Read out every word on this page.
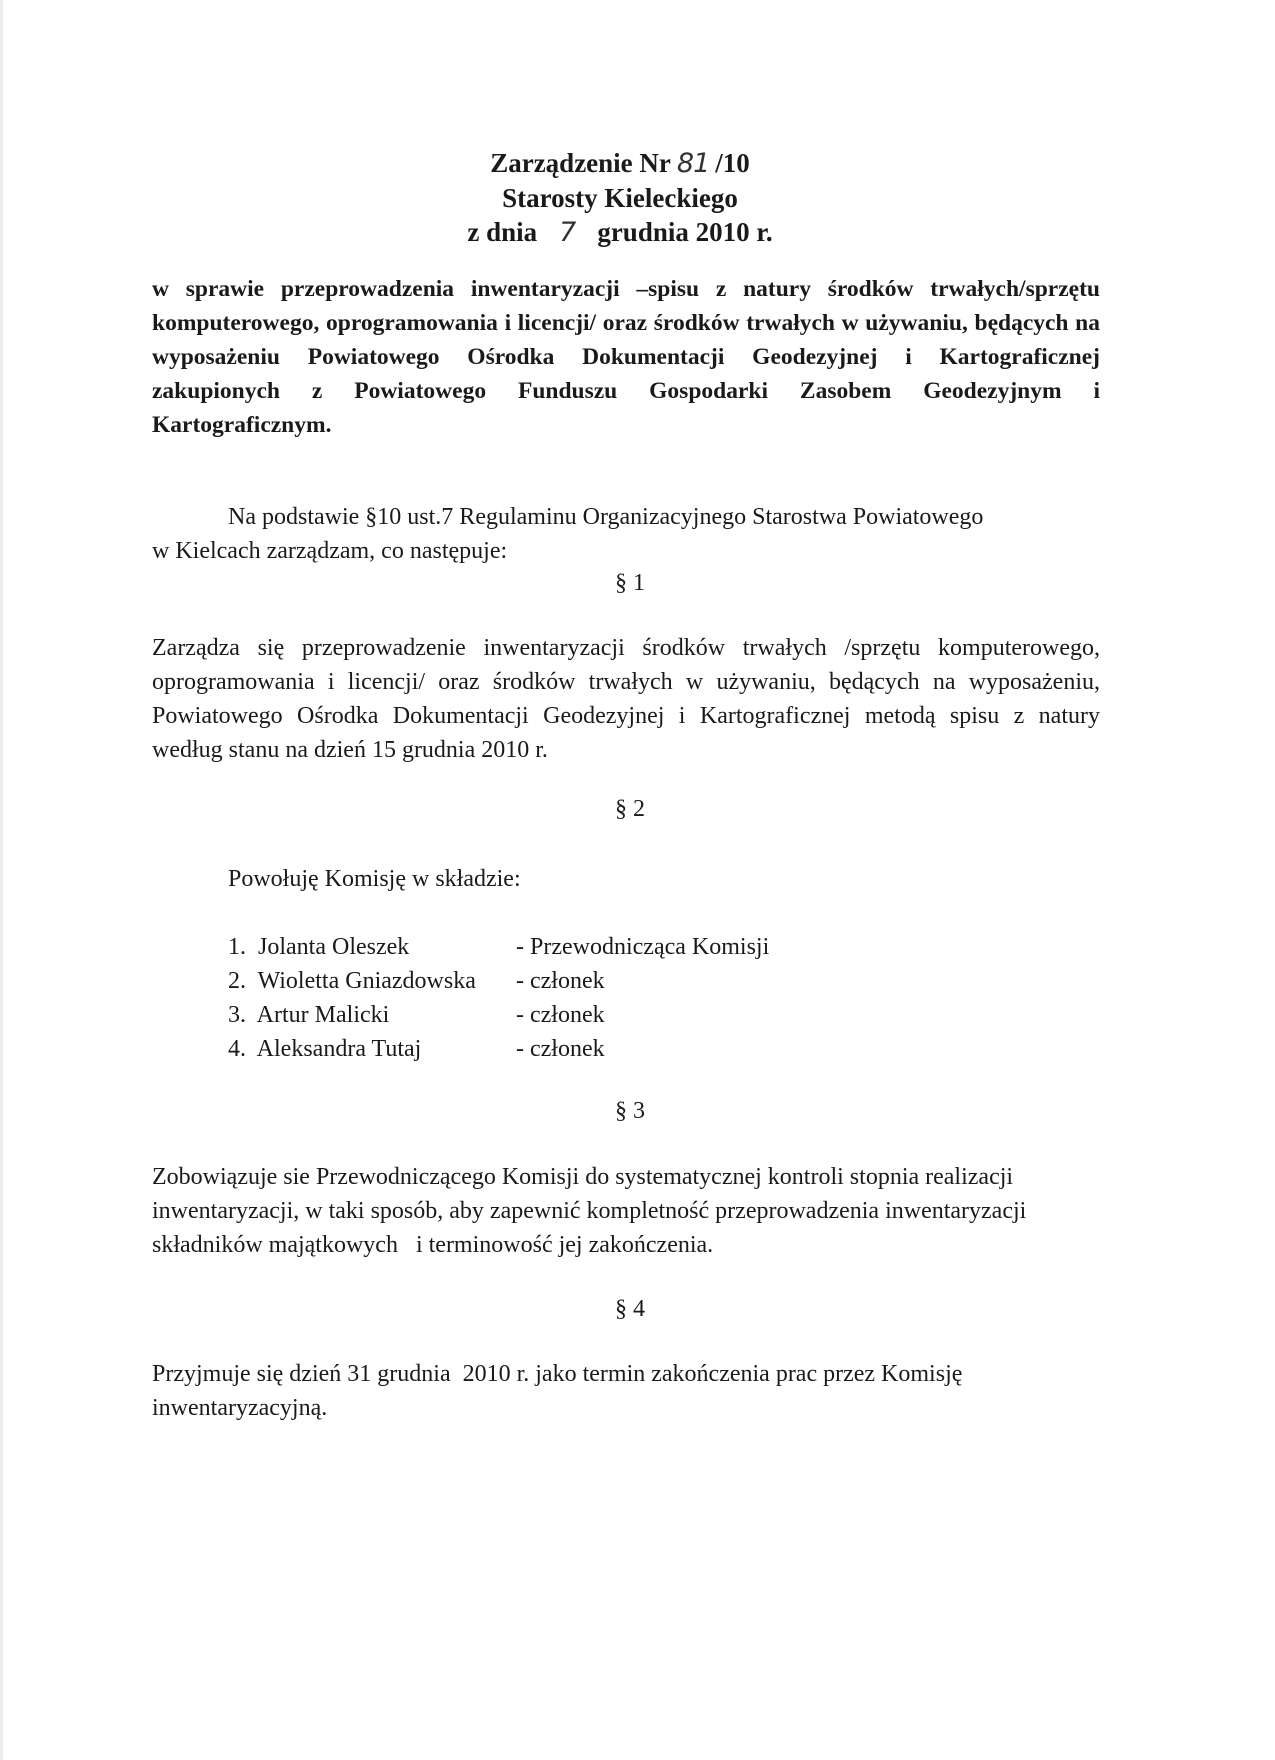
Zarządzenie Nr 81 /10
Starosty Kieleckiego
z dnia 7 grudnia 2010 r.
w sprawie przeprowadzenia inwentaryzacji –spisu z natury środków trwałych/sprzętu komputerowego, oprogramowania i licencji/ oraz środków trwałych w używaniu, będących na wyposażeniu Powiatowego Ośrodka Dokumentacji Geodezyjnej i Kartograficznej zakupionych z Powiatowego Funduszu Gospodarki Zasobem Geodezyjnym i Kartograficznym.
Na podstawie §10 ust.7 Regulaminu Organizacyjnego Starostwa Powiatowego
w Kielcach zarządzam, co następuje:
§ 1
Zarządza się przeprowadzenie inwentaryzacji środków trwałych /sprzętu komputerowego, oprogramowania i licencji/ oraz środków trwałych w używaniu, będących na wyposażeniu, Powiatowego Ośrodka Dokumentacji Geodezyjnej i Kartograficznej metodą spisu z natury według stanu na dzień 15 grudnia 2010 r.
§ 2
Powołuję Komisję w składzie:
1.  Jolanta Oleszek	- Przewodnicząca Komisji
2.  Wioletta Gniazdowska	- członek
3.  Artur Malicki	- członek
4.  Aleksandra Tutaj	- członek
§ 3
Zobowiązuje sie Przewodniczącego Komisji do systematycznej kontroli stopnia realizacji inwentaryzacji, w taki sposób, aby zapewnić kompletność przeprowadzenia inwentaryzacji składników majątkowych   i terminowość jej zakończenia.
§ 4
Przyjmuje się dzień 31 grudnia  2010 r. jako termin zakończenia prac przez Komisję inwentaryzacyjną.
